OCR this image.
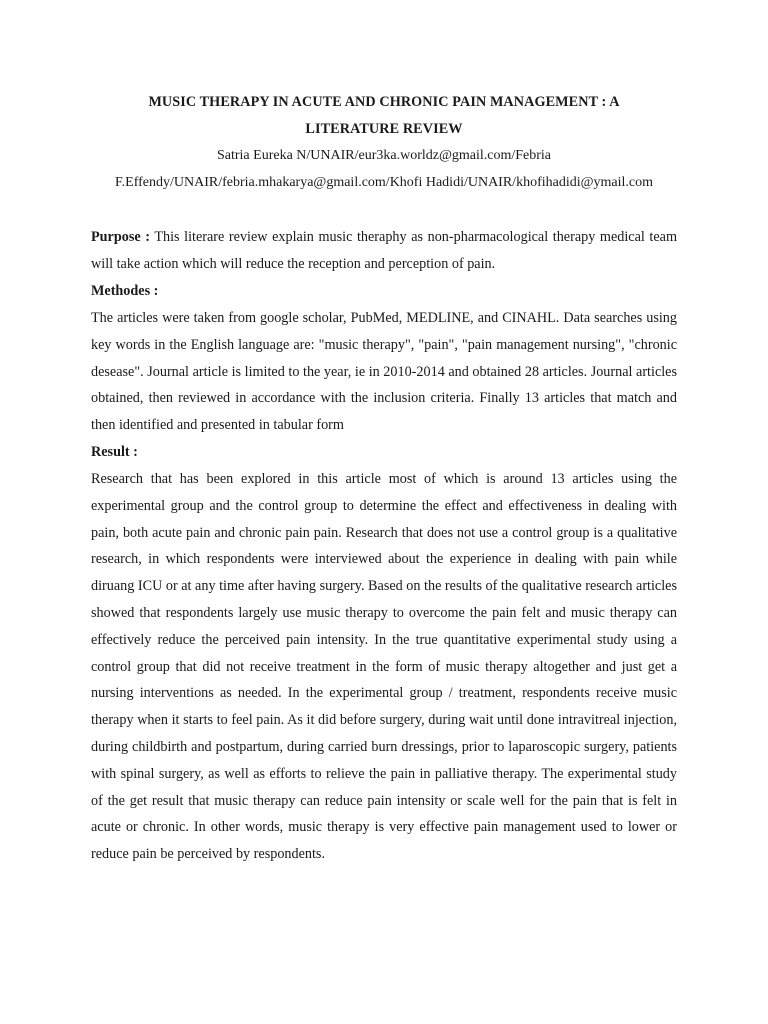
MUSIC THERAPY IN ACUTE AND CHRONIC PAIN MANAGEMENT : A
LITERATURE REVIEW
Satria Eureka N/UNAIR/eur3ka.worldz@gmail.com/Febria
F.Effendy/UNAIR/febria.mhakarya@gmail.com/Khofi Hadidi/UNAIR/khofihadidi@ymail.com

Purpose : This literare review explain music theraphy as non-pharmacological therapy medical team will take action which will reduce the reception and perception of pain.

Methodes :

The articles were taken from google scholar, PubMed, MEDLINE, and CINAHL. Data searches using key words in the English language are: "music therapy", "pain", "pain management nursing", "chronic desease". Journal article is limited to the year, ie in 2010-2014 and obtained 28 articles. Journal articles obtained, then reviewed in accordance with the inclusion criteria. Finally 13 articles that match and then identified and presented in tabular form

Result :

Research that has been explored in this article most of which is around 13 articles using the experimental group and the control group to determine the effect and effectiveness in dealing with pain, both acute pain and chronic pain pain. Research that does not use a control group is a qualitative research, in which respondents were interviewed about the experience in dealing with pain while diruang ICU or at any time after having surgery. Based on the results of the qualitative research articles showed that respondents largely use music therapy to overcome the pain felt and music therapy can effectively reduce the perceived pain intensity. In the true quantitative experimental study using a control group that did not receive treatment in the form of music therapy altogether and just get a nursing interventions as needed. In the experimental group / treatment, respondents receive music therapy when it starts to feel pain. As it did before surgery, during wait until done intravitreal injection, during childbirth and postpartum, during carried burn dressings, prior to laparoscopic surgery, patients with spinal surgery, as well as efforts to relieve the pain in palliative therapy. The experimental study of the get result that music therapy can reduce pain intensity or scale well for the pain that is felt in acute or chronic. In other words, music therapy is very effective pain management used to lower or reduce pain be perceived by respondents.
